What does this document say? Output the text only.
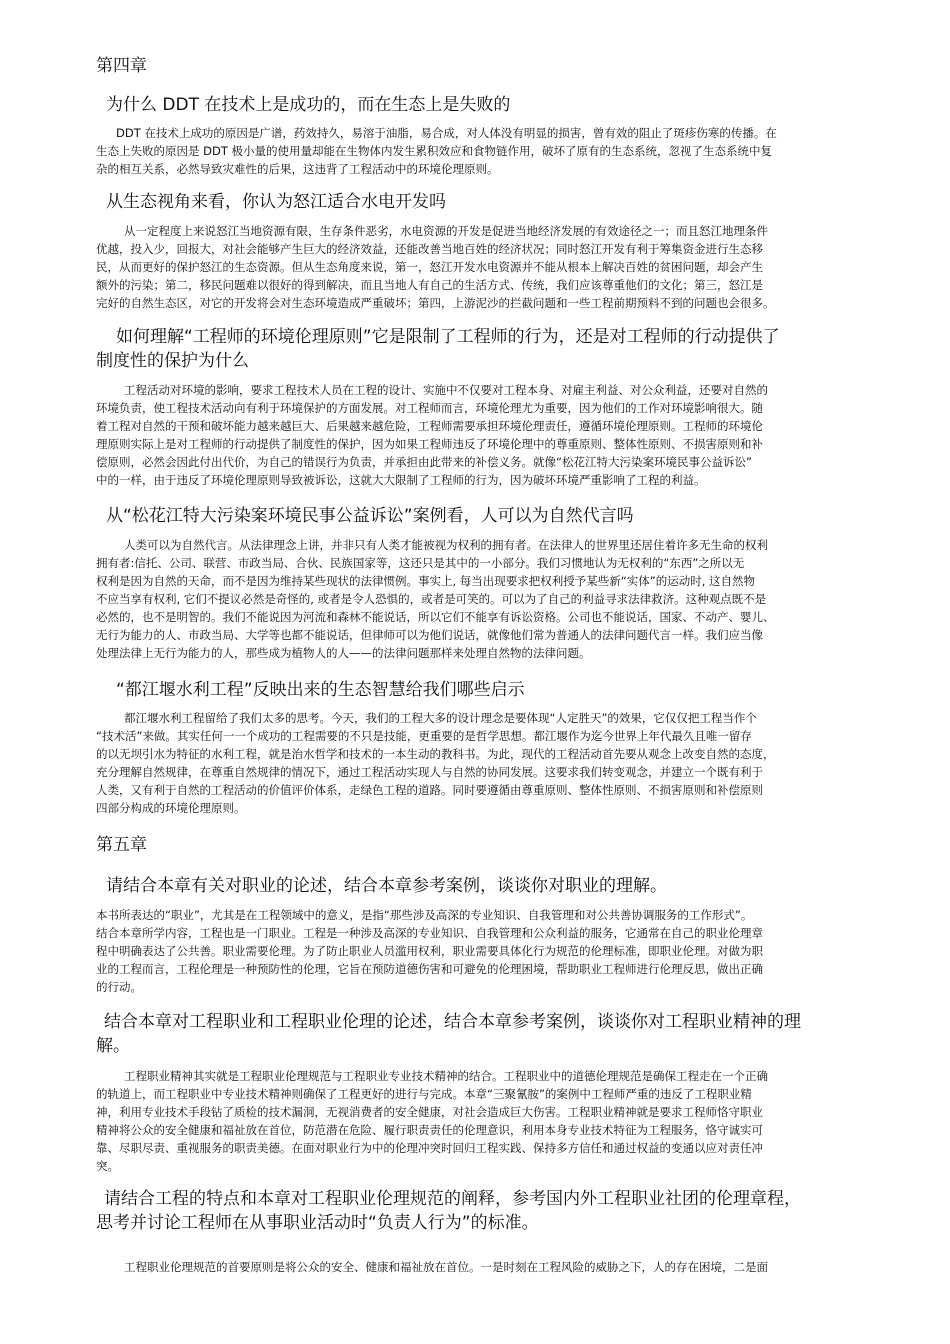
第四章
为什么 DDT 在技术上是成功的，而在生态上是失败的
DDT 在技术上成功的原因是广谱，药效持久，易溶于油脂，易合成，对人体没有明显的损害，曾有效的阻止了斑疹伤寒的传播。在
生态上失败的原因是 DDT 极小量的使用量却能在生物体内发生累积效应和食物链作用，破坏了原有的生态系统，忽视了生态系统中复
杂的相互关系，必然导致灾难性的后果，这违背了工程活动中的环境伦理原则。
从生态视角来看，你认为怒江适合水电开发吗
从一定程度上来说怒江当地资源有限，生存条件恶劣，水电资源的开发是促进当地经济发展的有效途径之一；而且怒江地理条件
优越，投入少，回报大，对社会能够产生巨大的经济效益，还能改善当地百姓的经济状况；同时怒江开发有利于筹集资金进行生态移
民，从而更好的保护怒江的生态资源。但从生态角度来说，第一，怒江开发水电资源并不能从根本上解决百姓的贫困问题，却会产生
额外的污染；第二，移民问题难以很好的得到解决，而且当地人有自己的生活方式、传统，我们应该尊重他们的文化；第三，怒江是
完好的自然生态区，对它的开发将会对生态环境造成严重破坏；第四，上游泥沙的拦截问题和一些工程前期预料不到的问题也会很多。
如何理解“工程师的环境伦理原则”它是限制了工程师的行为，还是对工程师的行动提供了
制度性的保护为什么
工程活动对环境的影响，要求工程技术人员在工程的设计、实施中不仅要对工程本身、对雇主利益、对公众利益，还要对自然的
环境负责，使工程技术活动向有利于环境保护的方面发展。对工程师而言，环境伦理尤为重要，因为他们的工作对环境影响很大。随
着工程对自然的干预和破坏能力越来越巨大、后果越来越危险，工程师需要承担环境伦理责任，遵循环境伦理原则。工程师的环境伦
理原则实际上是对工程师的行动提供了制度性的保护，因为如果工程师违反了环境伦理中的尊重原则、整体性原则、不损害原则和补
偿原则，必然会因此付出代价，为自己的错误行为负责，并承担由此带来的补偿义务。就像“松花江特大污染案环境民事公益诉讼”
中的一样，由于违反了环境伦理原则导致被诉讼，这就大大限制了工程师的行为，因为破坏环境严重影响了工程的利益。
从“松花江特大污染案环境民事公益诉讼”案例看，人可以为自然代言吗
人类可以为自然代言。从法律理念上讲，并非只有人类才能被视为权利的拥有者。在法律人的世界里还居住着许多无生命的权利
拥有者:信托、公司、联营、市政当局、合伙、民族国家等，这还只是其中的一小部分。我们习惯地认为无权利的“东西”之所以无
权利是因为自然的天命，而不是因为维持某些现状的法律惯例。事实上, 每当出现要求把权利授予某些新“实体”的运动时, 这自然物
不应当享有权利, 它们不提议必然是奇怪的, 或者是令人恐惧的，或者是可笑的。可以为了自己的利益寻求法律救济。这种观点既不是
必然的，也不是明智的。我们不能说因为河流和森林不能说话，所以它们不能享有诉讼资格。公司也不能说话，国家、不动产、婴儿、
无行为能力的人、市政当局、大学等也都不能说话，但律师可以为他们说话，就像他们常为普通人的法律问题代言一样。我们应当像
处理法律上无行为能力的人，那些成为植物人的人——的法律问题那样来处理自然物的法律问题。
“都江堰水利工程”反映出来的生态智慧给我们哪些启示
都江堰水利工程留给了我们太多的思考。今天，我们的工程大多的设计理念是要体现“人定胜天”的效果，它仅仅把工程当作个
“技术活”来做。其实任何一一个成功的工程需要的不只是技能，更重要的是哲学思想。都江堰作为迄今世界上年代最久且唯一留存
的以无坝引水为特征的水利工程，就是治水哲学和技术的一本生动的教科书。为此，现代的工程活动首先要从观念上改变自然的态度，
充分理解自然规律，在尊重自然规律的情况下，通过工程活动实现人与自然的协同发展。这要求我们转变观念，并建立一个既有利于
人类，又有利于自然的工程活动的价值评价体系，走绿色工程的道路。同时要遵循由尊重原则、整体性原则、不损害原则和补偿原则
四部分构成的环境伦理原则。
第五章
请结合本章有关对职业的论述，结合本章参考案例，谈谈你对职业的理解。
本书所表达的“职业”，尤其是在工程领域中的意义，是指“那些涉及高深的专业知识、自我管理和对公共善协调服务的工作形式”。
结合本章所学内容，工程也是一门职业。工程是一种涉及高深的专业知识、自我管理和公众利益的服务，它通常在自己的职业伦理章
程中明确表达了公共善。职业需要伦理。为了防止职业人员滥用权利，职业需要具体化行为规范的伦理标准，即职业伦理。对做为职
业的工程而言，工程伦理是一种预防性的伦理，它旨在预防道德伤害和可避免的伦理困境，帮助职业工程师进行伦理反思，做出正确
的行动。
结合本章对工程职业和工程职业伦理的论述，结合本章参考案例，谈谈你对工程职业精神的理
解。
工程职业精神其实就是工程职业伦理规范与工程职业专业技术精神的结合。工程职业中的道德伦理规范是确保工程走在一个正确
的轨道上，而工程职业中专业技术精神则确保了工程更好的进行与完成。本章“三聚氰胺”的案例中工程师严重的违反了工程职业精
神，利用专业技术手段钻了质检的技术漏洞，无视消费者的安全健康，对社会造成巨大伤害。工程职业精神就是要求工程师恪守职业
精神将公众的安全健康和福祉放在首位，防范潜在危险、履行职责责任的伦理意识，利用本身专业技术特征为工程服务，恪守诚实可
靠、尽职尽责、重视服务的职责美德。在面对职业行为中的伦理冲突时回归工程实践、保持多方信任和通过权益的变通以应对责任冲
突。
请结合工程的特点和本章对工程职业伦理规范的阐释，参考国内外工程职业社团的伦理章程，
思考并讨论工程师在从事职业活动时“负责人行为”的标准。
工程职业伦理规范的首要原则是将公众的安全、健康和福祉放在首位。一是时刻在工程风险的威胁之下，人的存在困境，二是面
